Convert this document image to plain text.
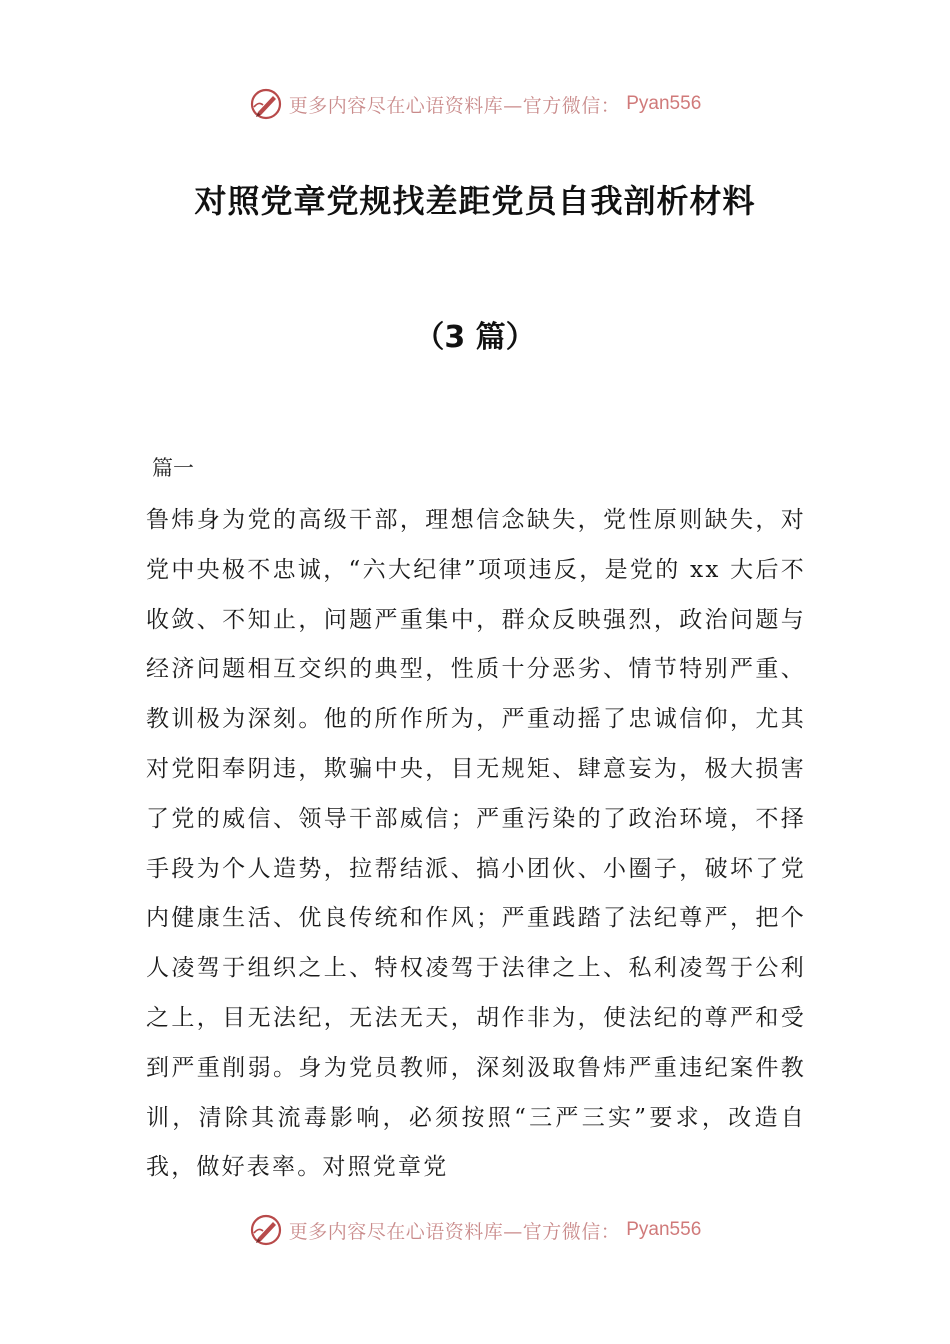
更多内容尽在心语资料库—官方微信： Pyan556
对照党章党规找差距党员自我剖析材料
（3 篇）
篇一
鲁炜身为党的高级干部，理想信念缺失，党性原则缺失，对党中央极不忠诚，“六大纪律”项项违反，是党的 xx 大后不收敛、不知止，问题严重集中，群众反映强烈，政治问题与经济问题相互交织的典型，性质十分恶劣、情节特别严重、教训极为深刻。他的所作所为，严重动摇了忠诚信仰，尤其对党阳奉阴违，欺骗中央，目无规矩、肆意妄为，极大损害了党的威信、领导干部威信；严重污染的了政治环境，不择手段为个人造势，拉帮结派、搞小团伙、小圈子，破坏了党内健康生活、优良传统和作风；严重践踏了法纪尊严，把个人凌驾于组织之上、特权凌驾于法律之上、私利凌驾于公利之上，目无法纪，无法无天，胡作非为，使法纪的尊严和受到严重削弱。身为党员教师，深刻汲取鲁炜严重违纪案件教训，清除其流毒影响，必须按照“三严三实”要求，改造自我，做好表率。对照党章党
更多内容尽在心语资料库—官方微信： Pyan556
